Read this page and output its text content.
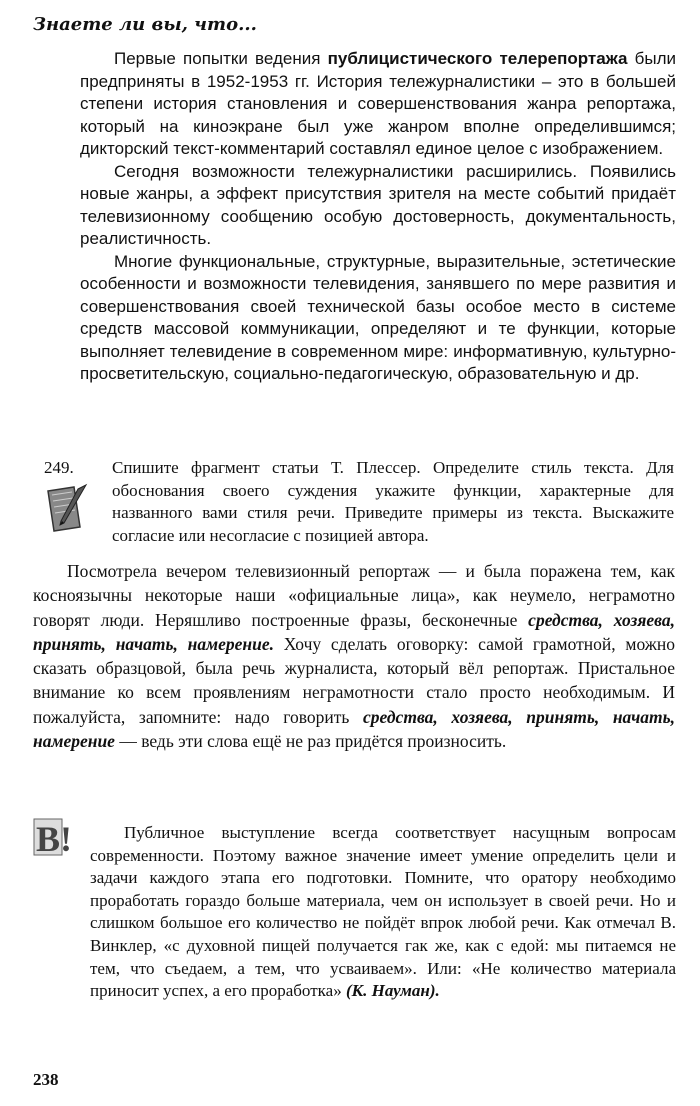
Знаете ли вы, что...

Первые попытки ведения публицистического телерепортажа были предприняты в 1952-1953 гг. История тележурналистики – это в большей степени история становления и совершенствования жанра репортажа, который на киноэкране был уже жанром вполне определившимся; дикторский текст-комментарий составлял единое целое с изображением.

Сегодня возможности тележурналистики расширились. Появились новые жанры, а эффект присутствия зрителя на месте событий придаёт телевизионному сообщению особую достоверность, документальность, реалистичность.

Многие функциональные, структурные, выразительные, эстетические особенности и возможности телевидения, занявшего по мере развития и совершенствования своей технической базы особое место в системе средств массовой коммуникации, определяют и те функции, которые выполняет телевидение в современном мире: информативную, культурно-просветительскую, социально-педагогическую, образовательную и др.

249. Спишите фрагмент статьи Т. Плессер. Определите стиль текста. Для обоснования своего суждения укажите функции, характерные для названного вами стиля речи. Приведите примеры из текста. Выскажите согласие или несогласие с позицией автора.

Посмотрела вечером телевизионный репортаж — и была поражена тем, как косноязычны некоторые наши «официальные лица», как неумело, неграмотно говорят люди. Неряшливо построенные фразы, бесконечные средства, хозяева, принять, начать, намерение. Хочу сделать оговорку: самой грамотной, можно сказать образцовой, была речь журналиста, который вёл репортаж. Пристальное внимание ко всем проявлениям неграмотности стало просто необходимым. И пожалуйста, запомните: надо говорить средства, хозяева, принять, начать, намерение — ведь эти слова ещё не раз придётся произносить.

B!	Публичное выступление всегда соответствует насущным вопросам современности. Поэтому важное значение имеет умение определить цели и задачи каждого этапа его подготовки. Помните, что оратору необходимо проработать гораздо больше материала, чем он использует в своей речи. Но и слишком большое его количество не пойдёт впрок любой речи. Как отмечал В. Винклер, «с духовной пищей получается гак же, как с едой: мы питаемся не тем, что съедаем, а тем, что усваиваем». Или: «Не количество материала приносит успех, а его проработка» (К. Науман).

238
